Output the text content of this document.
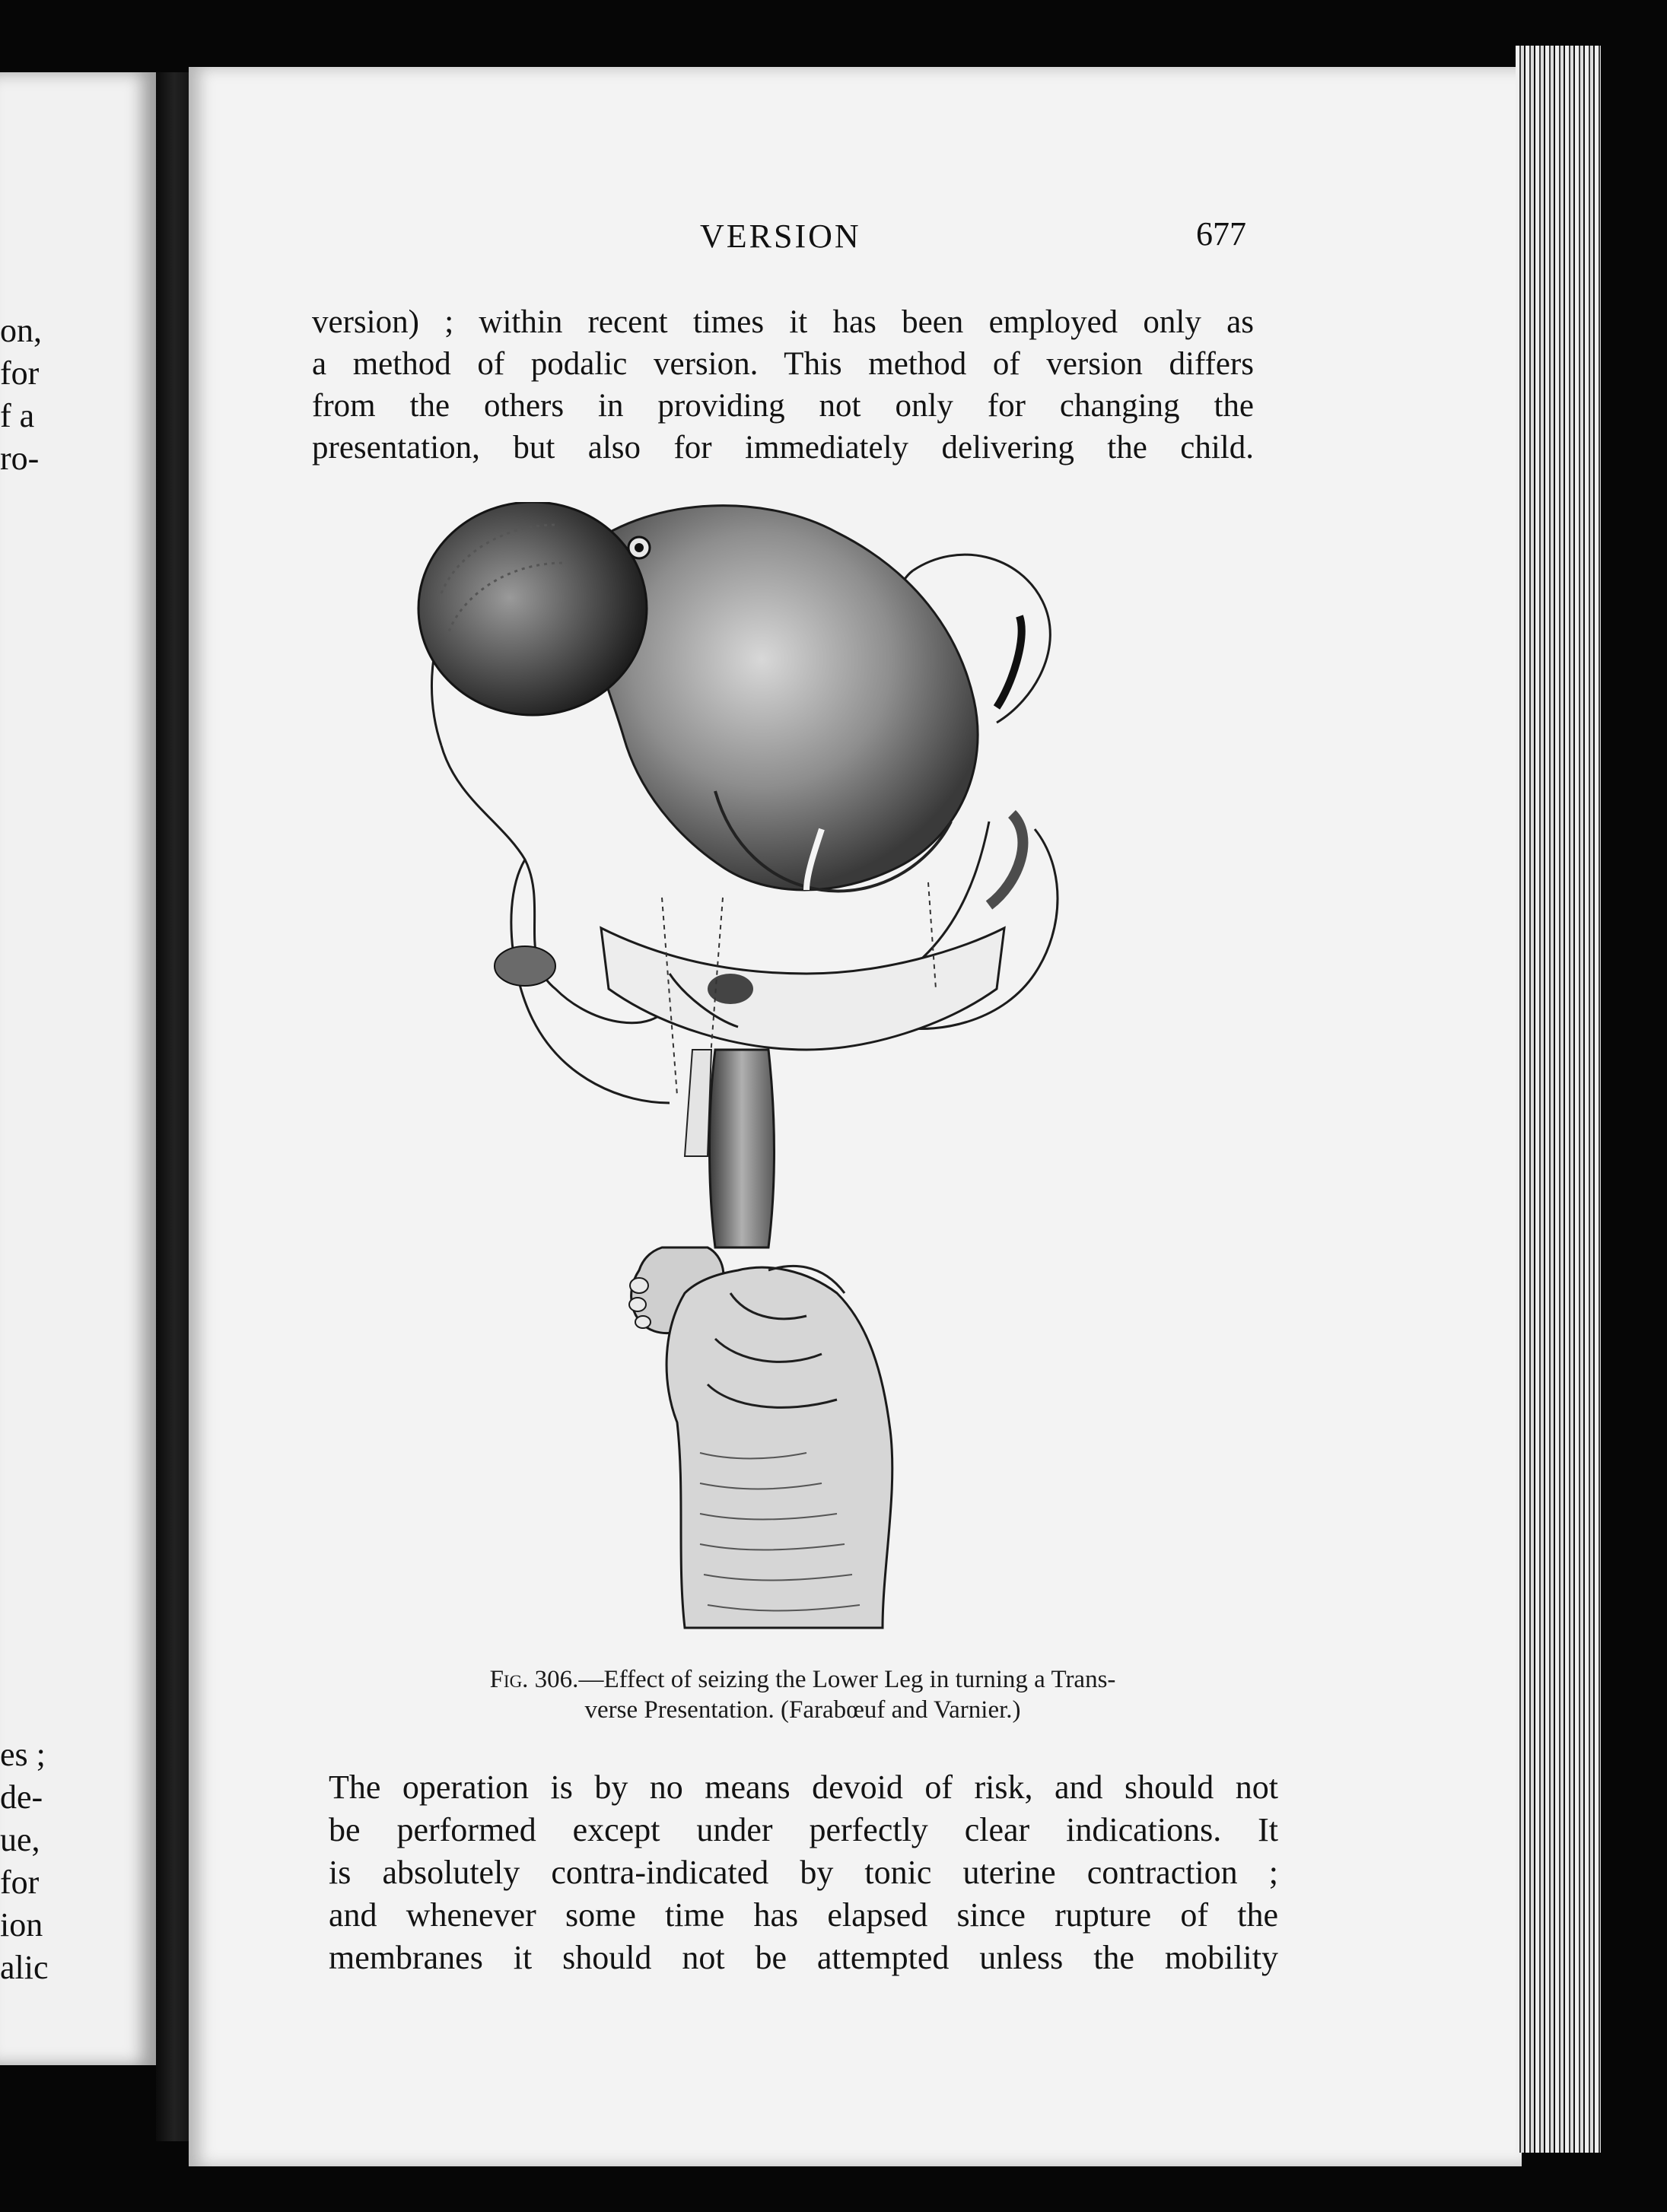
on,
for
f a
ro-
es ;
de-
ue,
for
ion
alic
VERSION	677
version) ; within recent times it has been employed only as
a method of podalic version. This method of version differs
from the others in providing not only for changing the
presentation, but also for immediately delivering the child.
Fig. 306.—Effect of seizing the Lower Leg in turning a Trans-
verse Presentation. (Farabœuf and Varnier.)
The operation is by no means devoid of risk, and should not
be performed except under perfectly clear indications. It
is absolutely contra-indicated by tonic uterine contraction ;
and whenever some time has elapsed since rupture of the
membranes it should not be attempted unless the mobility
